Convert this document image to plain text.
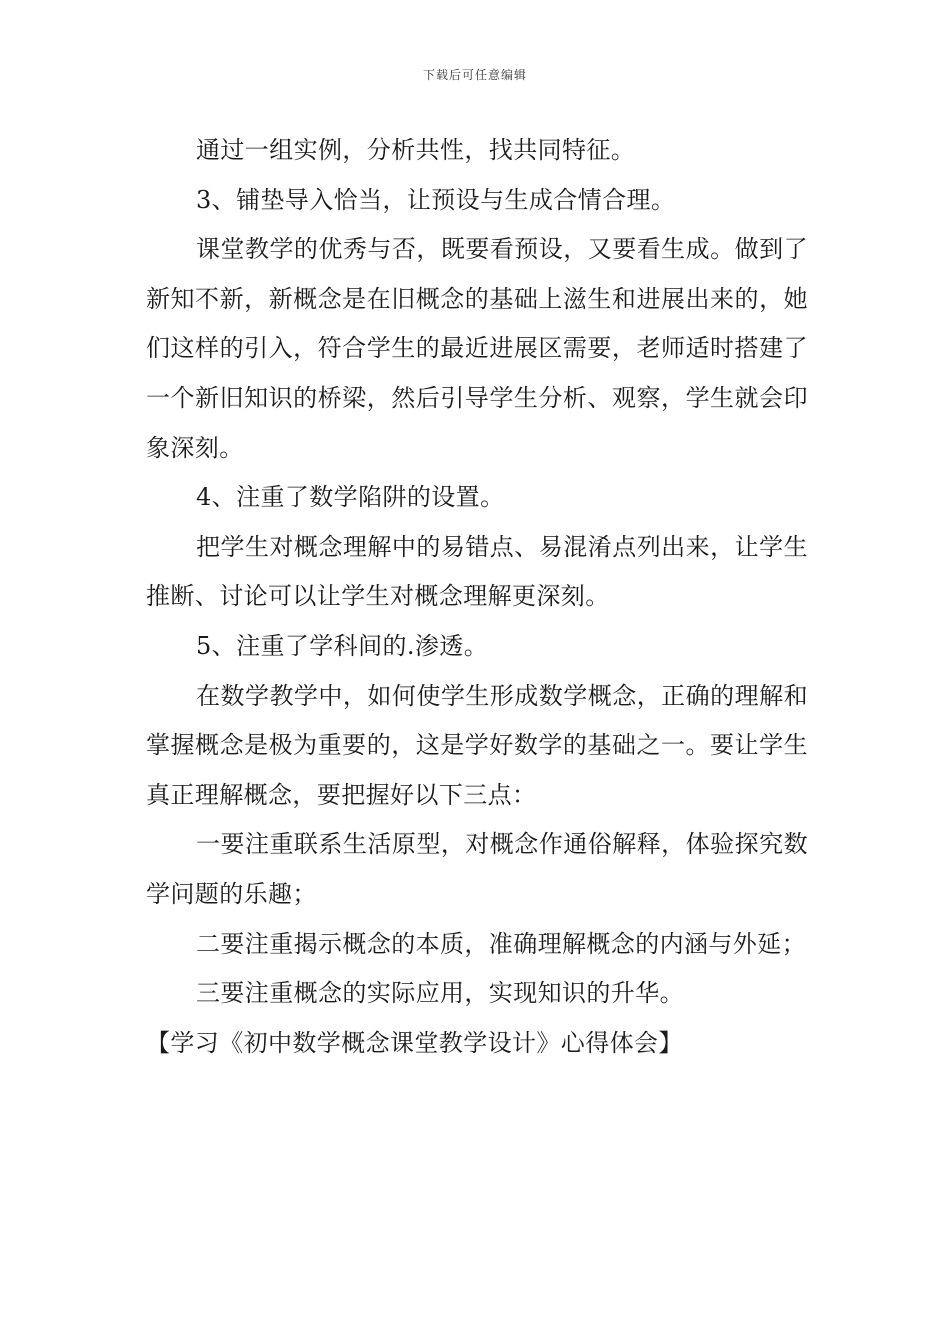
下载后可任意编辑

通过一组实例，分析共性，找共同特征。

3、铺垫导入恰当，让预设与生成合情合理。

课堂教学的优秀与否，既要看预设，又要看生成。做到了新知不新，新概念是在旧概念的基础上滋生和进展出来的，她们这样的引入，符合学生的最近进展区需要，老师适时搭建了一个新旧知识的桥梁，然后引导学生分析、观察，学生就会印象深刻。

4、注重了数学陷阱的设置。

把学生对概念理解中的易错点、易混淆点列出来，让学生推断、讨论可以让学生对概念理解更深刻。

5、注重了学科间的.渗透。

在数学教学中，如何使学生形成数学概念，正确的理解和掌握概念是极为重要的，这是学好数学的基础之一。要让学生真正理解概念，要把握好以下三点：

一要注重联系生活原型，对概念作通俗解释，体验探究数学问题的乐趣；

二要注重揭示概念的本质，准确理解概念的内涵与外延；

三要注重概念的实际应用，实现知识的升华。

【学习《初中数学概念课堂教学设计》心得体会】
